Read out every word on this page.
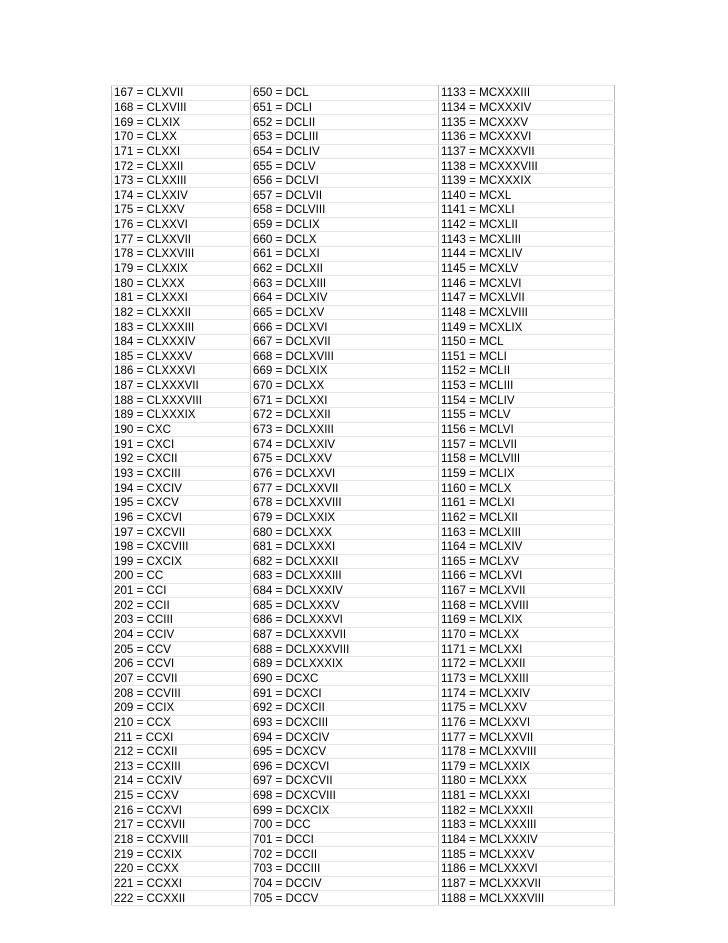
167 = CLXVII	650 = DCL	1133 = MCXXXIII
168 = CLXVIII	651 = DCLI	1134 = MCXXXIV
169 = CLXIX	652 = DCLII	1135 = MCXXXV
170 = CLXX	653 = DCLIII	1136 = MCXXXVI
171 = CLXXI	654 = DCLIV	1137 = MCXXXVII
172 = CLXXII	655 = DCLV	1138 = MCXXXVIII
173 = CLXXIII	656 = DCLVI	1139 = MCXXXIX
174 = CLXXIV	657 = DCLVII	1140 = MCXL
175 = CLXXV	658 = DCLVIII	1141 = MCXLI
176 = CLXXVI	659 = DCLIX	1142 = MCXLII
177 = CLXXVII	660 = DCLX	1143 = MCXLIII
178 = CLXXVIII	661 = DCLXI	1144 = MCXLIV
179 = CLXXIX	662 = DCLXII	1145 = MCXLV
180 = CLXXX	663 = DCLXIII	1146 = MCXLVI
181 = CLXXXI	664 = DCLXIV	1147 = MCXLVII
182 = CLXXXII	665 = DCLXV	1148 = MCXLVIII
183 = CLXXXIII	666 = DCLXVI	1149 = MCXLIX
184 = CLXXXIV	667 = DCLXVII	1150 = MCL
185 = CLXXXV	668 = DCLXVIII	1151 = MCLI
186 = CLXXXVI	669 = DCLXIX	1152 = MCLII
187 = CLXXXVII	670 = DCLXX	1153 = MCLIII
188 = CLXXXVIII	671 = DCLXXI	1154 = MCLIV
189 = CLXXXIX	672 = DCLXXII	1155 = MCLV
190 = CXC	673 = DCLXXIII	1156 = MCLVI
191 = CXCI	674 = DCLXXIV	1157 = MCLVII
192 = CXCII	675 = DCLXXV	1158 = MCLVIII
193 = CXCIII	676 = DCLXXVI	1159 = MCLIX
194 = CXCIV	677 = DCLXXVII	1160 = MCLX
195 = CXCV	678 = DCLXXVIII	1161 = MCLXI
196 = CXCVI	679 = DCLXXIX	1162 = MCLXII
197 = CXCVII	680 = DCLXXX	1163 = MCLXIII
198 = CXCVIII	681 = DCLXXXI	1164 = MCLXIV
199 = CXCIX	682 = DCLXXXII	1165 = MCLXV
200 = CC	683 = DCLXXXIII	1166 = MCLXVI
201 = CCI	684 = DCLXXXIV	1167 = MCLXVII
202 = CCII	685 = DCLXXXV	1168 = MCLXVIII
203 = CCIII	686 = DCLXXXVI	1169 = MCLXIX
204 = CCIV	687 = DCLXXXVII	1170 = MCLXX
205 = CCV	688 = DCLXXXVIII	1171 = MCLXXI
206 = CCVI	689 = DCLXXXIX	1172 = MCLXXII
207 = CCVII	690 = DCXC	1173 = MCLXXIII
208 = CCVIII	691 = DCXCI	1174 = MCLXXIV
209 = CCIX	692 = DCXCII	1175 = MCLXXV
210 = CCX	693 = DCXCIII	1176 = MCLXXVI
211 = CCXI	694 = DCXCIV	1177 = MCLXXVII
212 = CCXII	695 = DCXCV	1178 = MCLXXVIII
213 = CCXIII	696 = DCXCVI	1179 = MCLXXIX
214 = CCXIV	697 = DCXCVII	1180 = MCLXXX
215 = CCXV	698 = DCXCVIII	1181 = MCLXXXI
216 = CCXVI	699 = DCXCIX	1182 = MCLXXXII
217 = CCXVII	700 = DCC	1183 = MCLXXXIII
218 = CCXVIII	701 = DCCI	1184 = MCLXXXIV
219 = CCXIX	702 = DCCII	1185 = MCLXXXV
220 = CCXX	703 = DCCIII	1186 = MCLXXXVI
221 = CCXXI	704 = DCCIV	1187 = MCLXXXVII
222 = CCXXII	705 = DCCV	1188 = MCLXXXVIII
